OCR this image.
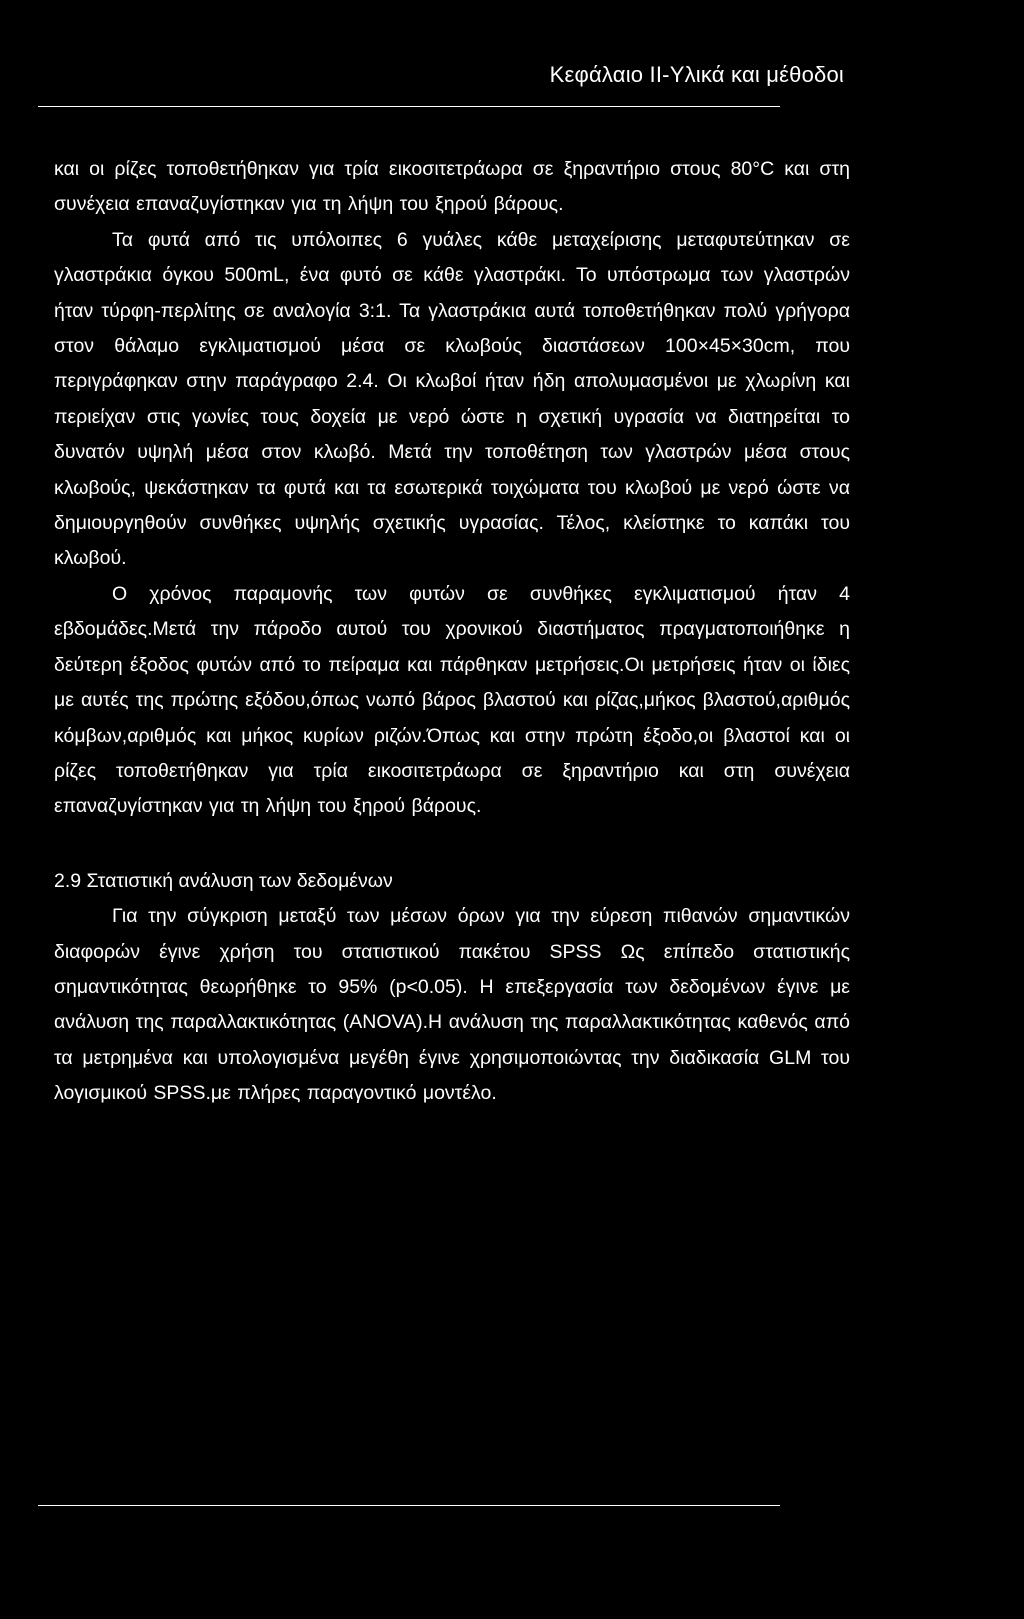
Κεφάλαιο ΙΙ-Υλικά και μέθοδοι

και οι ρίζες τοποθετήθηκαν για τρία εικοσιτετράωρα σε ξηραντήριο στους 80°C και στη συνέχεια επαναζυγίστηκαν για τη λήψη του ξηρού βάρους.

Τα φυτά από τις υπόλοιπες 6 γυάλες κάθε μεταχείρισης μεταφυτεύτηκαν σε γλαστράκια όγκου 500mL, ένα φυτό σε κάθε γλαστράκι. Το υπόστρωμα των γλαστρών ήταν τύρφη-περλίτης σε αναλογία 3:1. Τα γλαστράκια αυτά τοποθετήθηκαν πολύ γρήγορα στον θάλαμο εγκλιματισμού μέσα σε κλωβούς διαστάσεων 100×45×30cm, που περιγράφηκαν στην παράγραφο 2.4. Οι κλωβοί ήταν ήδη απολυμασμένοι με χλωρίνη και περιείχαν στις γωνίες τους δοχεία με νερό ώστε η σχετική υγρασία να διατηρείται το δυνατόν υψηλή μέσα στον κλωβό. Μετά την τοποθέτηση των γλαστρών μέσα στους κλωβούς, ψεκάστηκαν τα φυτά και τα εσωτερικά τοιχώματα του κλωβού με νερό ώστε να δημιουργηθούν συνθήκες υψηλής σχετικής υγρασίας. Τέλος, κλείστηκε το καπάκι του κλωβού.

Ο χρόνος παραμονής των φυτών σε συνθήκες εγκλιματισμού ήταν 4 εβδομάδες.Μετά την πάροδο αυτού του χρονικού διαστήματος πραγματοποιήθηκε η δεύτερη έξοδος φυτών από το πείραμα και πάρθηκαν μετρήσεις.Οι μετρήσεις ήταν οι ίδιες με αυτές της πρώτης εξόδου,όπως νωπό βάρος βλαστού και ρίζας,μήκος βλαστού,αριθμός κόμβων,αριθμός και μήκος κυρίων ριζών.Όπως και στην πρώτη έξοδο,οι βλαστοί και οι ρίζες τοποθετήθηκαν για τρία εικοσιτετράωρα σε ξηραντήριο και στη συνέχεια επαναζυγίστηκαν για τη λήψη του ξηρού βάρους.

2.9 Στατιστική ανάλυση των δεδομένων

Για την σύγκριση μεταξύ των μέσων όρων για την εύρεση πιθανών σημαντικών διαφορών έγινε χρήση του στατιστικού πακέτου SPSS Ως επίπεδο στατιστικής σημαντικότητας θεωρήθηκε το 95% (p<0.05). Η επεξεργασία των δεδομένων έγινε με ανάλυση της παραλλακτικότητας (ANOVA).Η ανάλυση της παραλλακτικότητας καθενός από τα μετρημένα και υπολογισμένα μεγέθη έγινε χρησιμοποιώντας την διαδικασία GLM του λογισμικού SPSS.με πλήρες παραγοντικό μοντέλο.
